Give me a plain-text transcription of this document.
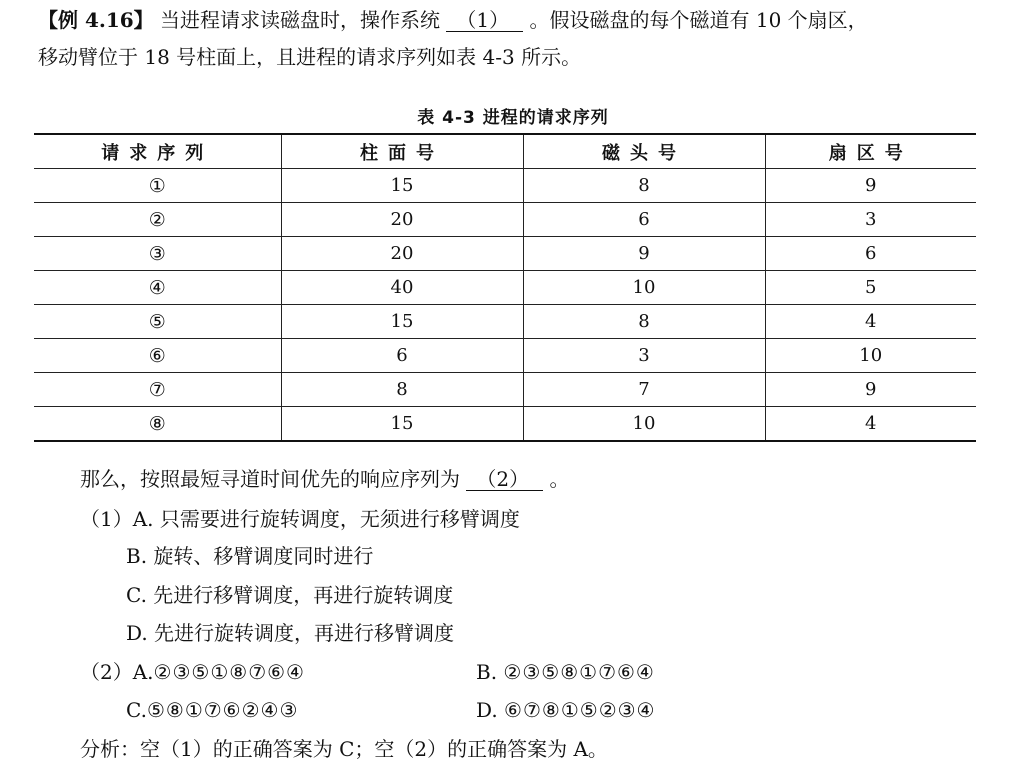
【例 4.16】 当进程请求读磁盘时，操作系统 （1） 。假设磁盘的每个磁道有 10 个扇区，
移动臂位于 18 号柱面上，且进程的请求序列如表 4-3 所示。
表 4-3 进程的请求序列
请求序列	柱面号	磁头号	扇区号
①	15	8	9
②	20	6	3
③	20	9	6
④	40	10	5
⑤	15	8	4
⑥	6	3	10
⑦	8	7	9
⑧	15	10	4
那么，按照最短寻道时间优先的响应序列为 （2） 。
（1）A. 只需要进行旋转调度，无须进行移臂调度
B. 旋转、移臂调度同时进行
C. 先进行移臂调度，再进行旋转调度
D. 先进行旋转调度，再进行移臂调度
（2）A.②③⑤①⑧⑦⑥④	B. ②③⑤⑧①⑦⑥④
C.⑤⑧①⑦⑥②④③	D. ⑥⑦⑧①⑤②③④
分析：空（1）的正确答案为 C；空（2）的正确答案为 A。
